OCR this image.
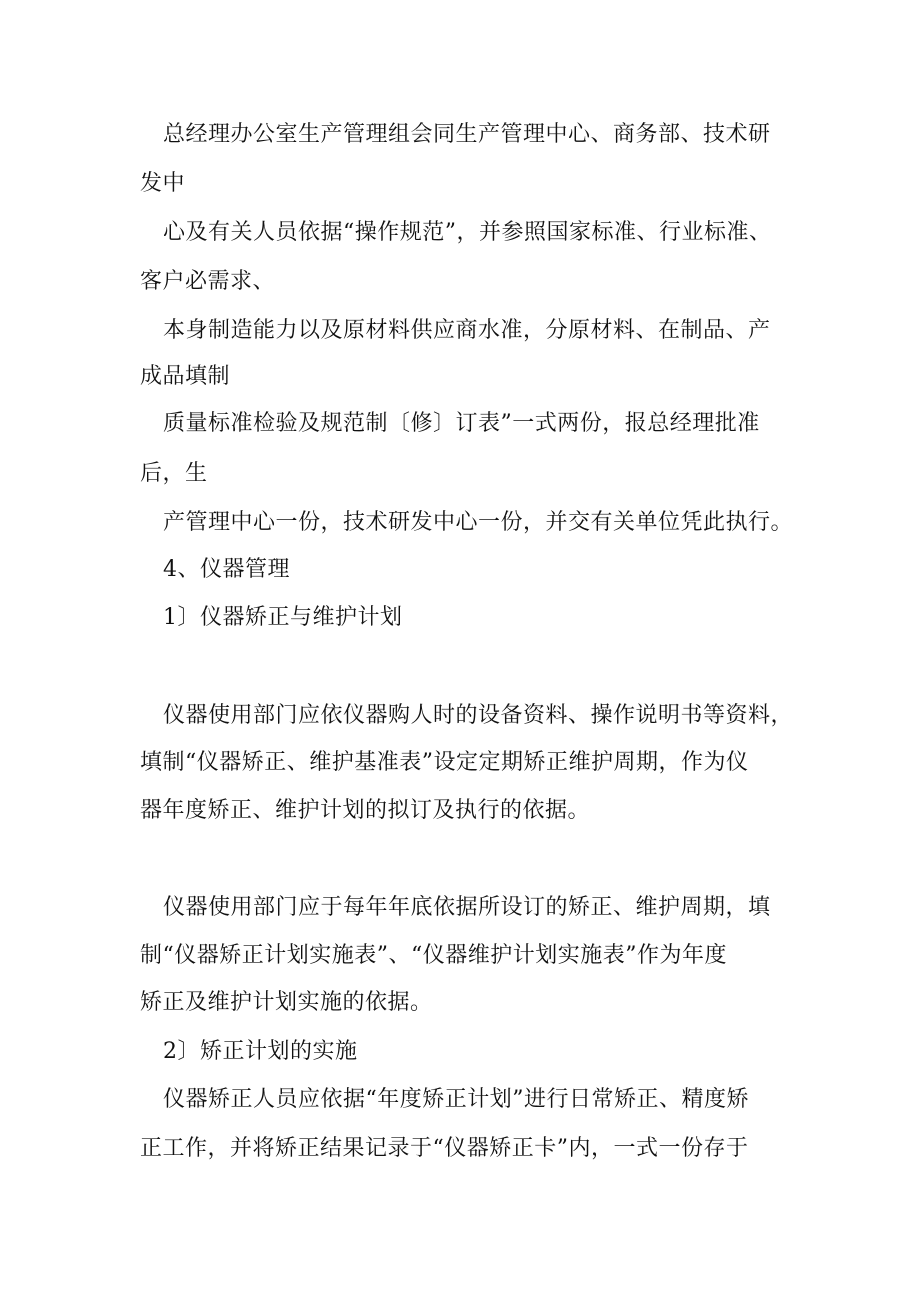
总经理办公室生产管理组会同生产管理中心、商务部、技术研
发中
心及有关人员依据“操作规范”，并参照国家标准、行业标准、
客户必需求、
本身制造能力以及原材料供应商水准，分原材料、在制品、产
成品填制
质量标准检验及规范制〔修〕订表”一式两份，报总经理批准
后，生
产管理中心一份，技术研发中心一份，并交有关单位凭此执行。
4、仪器管理
1〕仪器矫正与维护计划
仪器使用部门应依仪器购人时的设备资料、操作说明书等资料，
填制“仪器矫正、维护基准表”设定定期矫正维护周期，作为仪
器年度矫正、维护计划的拟订及执行的依据。
仪器使用部门应于每年年底依据所设订的矫正、维护周期，填
制“仪器矫正计划实施表”、“仪器维护计划实施表”作为年度
矫正及维护计划实施的依据。
2〕矫正计划的实施
仪器矫正人员应依据“年度矫正计划”进行日常矫正、精度矫
正工作，并将矫正结果记录于“仪器矫正卡”内，一式一份存于
